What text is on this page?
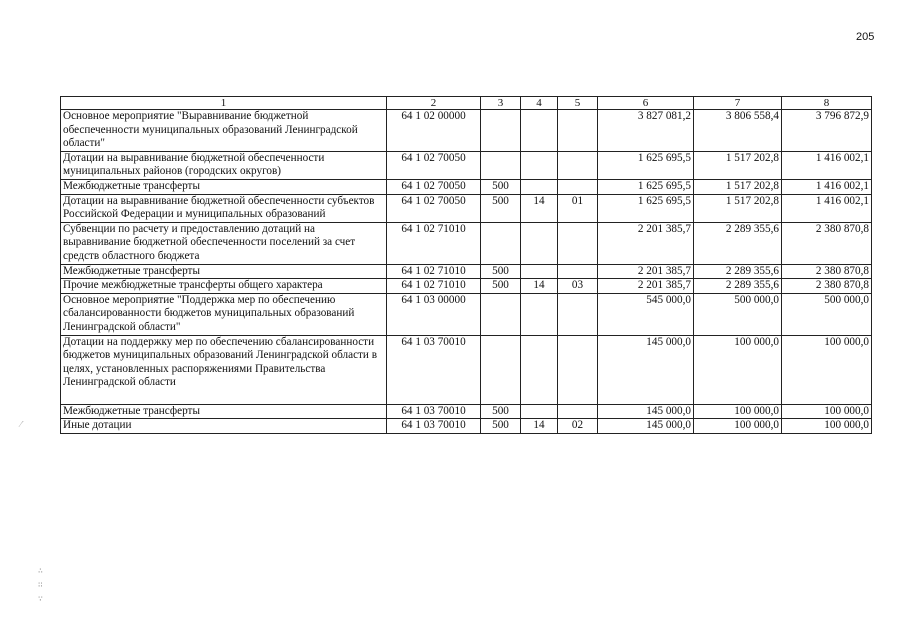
205
1	2	3	4	5	6	7	8
Основное мероприятие "Выравнивание бюджетной обеспеченности муниципальных образований Ленинградской области"	64 1 02 00000				3 827 081,2	3 806 558,4	3 796 872,9
Дотации на выравнивание бюджетной обеспеченности муниципальных районов (городских округов)	64 1 02 70050				1 625 695,5	1 517 202,8	1 416 002,1
Межбюджетные трансферты	64 1 02 70050	500			1 625 695,5	1 517 202,8	1 416 002,1
Дотации на выравнивание бюджетной обеспеченности субъектов Российской Федерации и муниципальных образований	64 1 02 70050	500	14	01	1 625 695,5	1 517 202,8	1 416 002,1
Субвенции по расчету и предоставлению дотаций на выравнивание бюджетной обеспеченности поселений за счет средств областного бюджета	64 1 02 71010				2 201 385,7	2 289 355,6	2 380 870,8
Межбюджетные трансферты	64 1 02 71010	500			2 201 385,7	2 289 355,6	2 380 870,8
Прочие межбюджетные трансферты общего характера	64 1 02 71010	500	14	03	2 201 385,7	2 289 355,6	2 380 870,8
Основное мероприятие "Поддержка мер по обеспечению сбалансированности бюджетов муниципальных образований Ленинградской области"	64 1 03 00000				545 000,0	500 000,0	500 000,0
Дотации на поддержку мер по обеспечению сбалансированности бюджетов муниципальных образований Ленинградской области в целях, установленных распоряжениями Правительства Ленинградской области	64 1 03 70010				145 000,0	100 000,0	100 000,0
Межбюджетные трансферты	64 1 03 70010	500			145 000,0	100 000,0	100 000,0
Иные дотации	64 1 03 70010	500	14	02	145 000,0	100 000,0	100 000,0
⁄ˊ
∴
∷
∵
